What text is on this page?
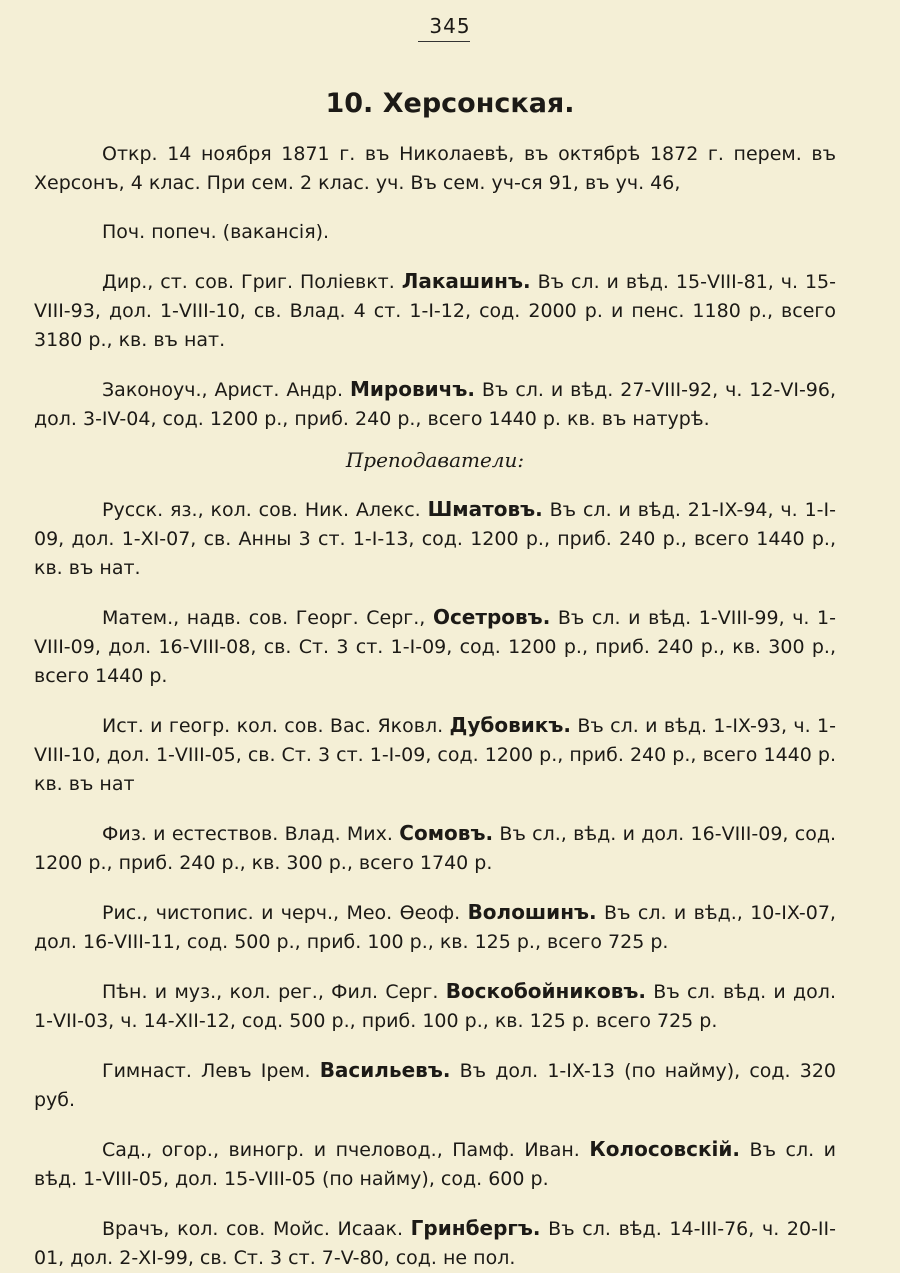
345
10. Херсонская.

Откр. 14 ноября 1871 г. въ Николаевѣ, въ октябрѣ 1872 г. перем. въ Херсонъ, 4 клас. При сем. 2 клас. уч. Въ сем. уч-ся 91, въ уч. 46,

Поч. попеч. (вакансія).

Дир., ст. сов. Григ. Поліевкт. Лакашинъ. Въ сл. и вѣд. 15-VIII-81, ч. 15-VIII-93, дол. 1-VIII-10, св. Влад. 4 ст. 1-I-12, сод. 2000 р. и пенс. 1180 р., всего 3180 р., кв. въ нат.

Законоуч., Арист. Андр. Мировичъ. Въ сл. и вѣд. 27-VIII-92, ч. 12-VI-96, дол. 3-IV-04, сод. 1200 р., приб. 240 р., всего 1440 р. кв. въ натурѣ.

Преподаватели:

Русск. яз., кол. сов. Ник. Алекс. Шматовъ. Въ сл. и вѣд. 21-IX-94, ч. 1-I-09, дол. 1-XI-07, св. Анны 3 ст. 1-I-13, сод. 1200 р., приб. 240 р., всего 1440 р., кв. въ нат.

Матем., надв. сов. Георг. Серг., Осетровъ. Въ сл. и вѣд. 1-VIII-99, ч. 1-VIII-09, дол. 16-VIII-08, св. Ст. 3 ст. 1-I-09, сод. 1200 р., приб. 240 р., кв. 300 р., всего 1440 р.

Ист. и геогр. кол. сов. Вас. Яковл. Дубовикъ. Въ сл. и вѣд. 1-IX-93, ч. 1-VIII-10, дол. 1-VIII-05, св. Ст. 3 ст. 1-I-09, сод. 1200 р., приб. 240 р., всего 1440 р. кв. въ нат

Физ. и естествов. Влад. Мих. Сомовъ. Въ сл., вѣд. и дол. 16-VIII-09, сод. 1200 р., приб. 240 р., кв. 300 р., всего 1740 р.

Рис., чистопис. и черч., Мео. Өеоф. Волошинъ. Въ сл. и вѣд., 10-IX-07, дол. 16-VIII-11, сод. 500 р., приб. 100 р., кв. 125 р., всего 725 р.

Пѣн. и муз., кол. рег., Фил. Серг. Воскобойниковъ. Въ сл. вѣд. и дол. 1-VII-03, ч. 14-XII-12, сод. 500 р., приб. 100 р., кв. 125 р. всего 725 р.

Гимнаст. Левъ Ірем. Васильевъ. Въ дол. 1-IX-13 (по найму), сод. 320 руб.

Сад., огор., виногр. и пчеловод., Памф. Иван. Колосовскій. Въ сл. и вѣд. 1-VIII-05, дол. 15-VIII-05 (по найму), сод. 600 р.

Врачъ, кол. сов. Мойс. Исаак. Гринбергъ. Въ сл. вѣд. 14-III-76, ч. 20-II-01, дол. 2-XI-99, св. Ст. 3 ст. 7-V-80, сод. не пол.
